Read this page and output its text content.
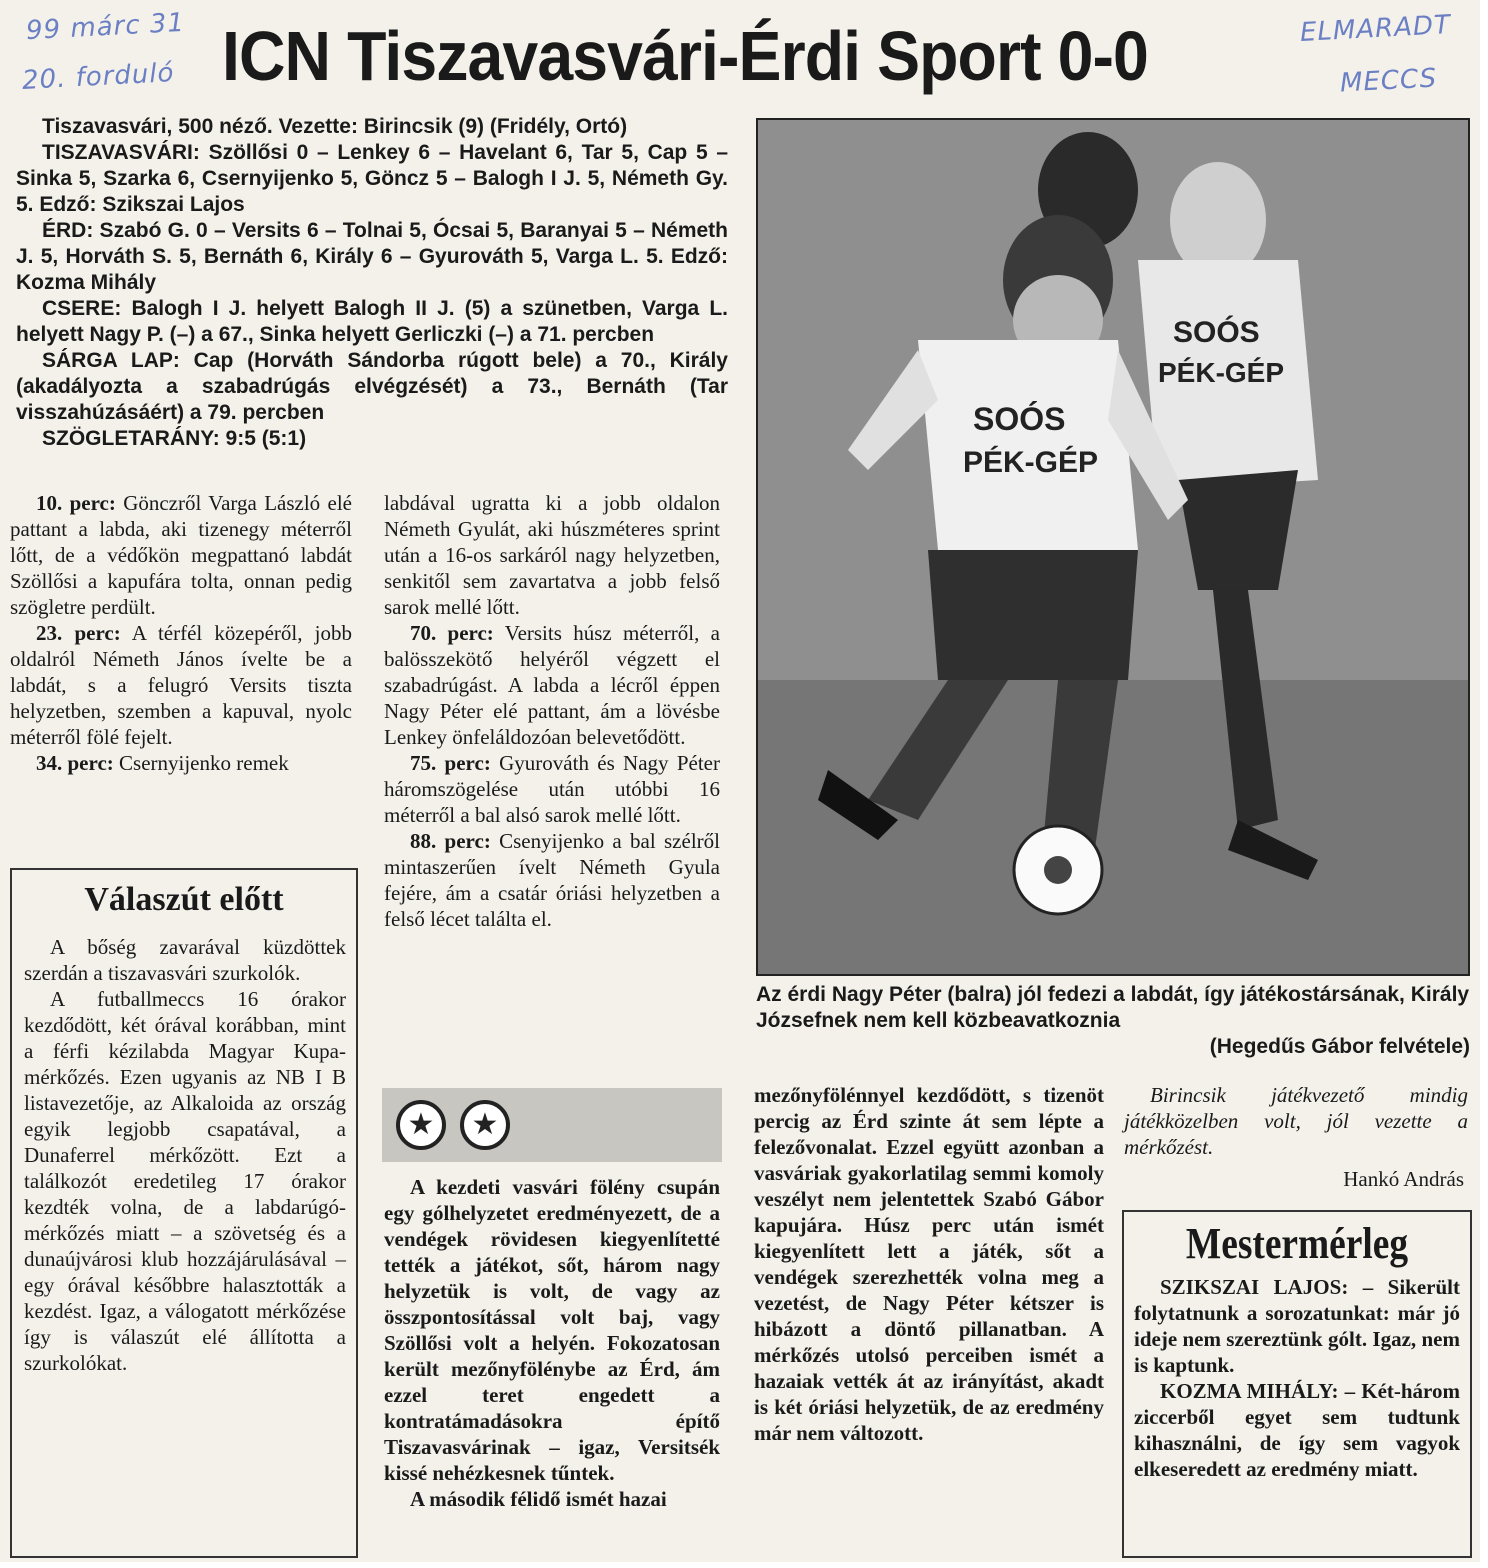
99 márc 31
20. forduló
ELMARADT
MECCS
ICN Tiszavasvári-Érdi Sport 0-0

Tiszavasvári, 500 néző. Vezette: Birincsik (9) (Fridély, Ortó)

TISZAVASVÁRI: Szöllősi 0 – Lenkey 6 – Havelant 6, Tar 5, Cap 5 – Sinka 5, Szarka 6, Csernyijenko 5, Göncz 5 – Balogh I J. 5, Németh Gy. 5. Edző: Szikszai Lajos

ÉRD: Szabó G. 0 – Versits 6 – Tolnai 5, Ócsai 5, Baranyai 5 – Németh J. 5, Horváth S. 5, Bernáth 6, Király 6 – Gyurováth 5, Varga L. 5. Edző: Kozma Mihály

CSERE: Balogh I J. helyett Balogh II J. (5) a szünetben, Varga L. helyett Nagy P. (–) a 67., Sinka helyett Gerliczki (–) a 71. percben

SÁRGA LAP: Cap (Horváth Sándorba rúgott bele) a 70., Király (akadályozta a szabadrúgás elvégzését) a 73., Bernáth (Tar visszahúzásáért) a 79. percben

SZÖGLETARÁNY: 9:5 (5:1)

10. perc: Gönczről Varga László elé pattant a labda, aki tizenegy méterről lőtt, de a védőkön megpattanó labdát Szöllősi a kapufára tolta, onnan pedig szögletre perdült.

23. perc: A térfél közepéről, jobb oldalról Németh János ívelte be a labdát, s a felugró Versits tiszta helyzetben, szemben a kapuval, nyolc méterről fölé fejelt.

34. perc: Csernyijenko remek

labdával ugratta ki a jobb oldalon Németh Gyulát, aki húszméteres sprint után a 16-os sarkáról nagy helyzetben, senkitől sem zavartatva a jobb felső sarok mellé lőtt.

70. perc: Versits húsz méterről, a balösszekötő helyéről végzett el szabadrúgást. A labda a lécről éppen Nagy Péter elé pattant, ám a lövésbe Lenkey önfeláldozóan belevetődött.

75. perc: Gyurováth és Nagy Péter háromszögelése után utóbbi 16 méterről a bal alsó sarok mellé lőtt.

88. perc: Csenyijenko a bal szélről mintaszerűen ívelt Németh Gyula fejére, ám a csatár óriási helyzetben a felső lécet találta el.

SOÓS
PÉK-GÉP
SOÓS
PÉK-GÉP
Az érdi Nagy Péter (balra) jól fedezi a labdát, így játékostársának, Király Józsefnek nem kell közbeavatkoznia
(Hegedűs Gábor felvétele)
Válaszút előtt

A bőség zavarával küzdöttek szerdán a tiszavasvári szurkolók.

A futballmeccs 16 órakor kezdődött, két órával korábban, mint a férfi kézilabda Magyar Kupa-mérkőzés. Ezen ugyanis az NB I B listavezetője, az Alkaloida az ország egyik legjobb csapatával, a Dunaferrel mérkőzött. Ezt a találkozót eredetileg 17 órakor kezdték volna, de a labdarúgó-mérkőzés miatt – a szövetség és a dunaújvárosi klub hozzájárulásával – egy órával későbbre halasztották a kezdést. Igaz, a válogatott mérkőzése így is válaszút elé állította a szurkolókat.

★	★

A kezdeti vasvári fölény csupán egy gólhelyzetet eredményezett, de a vendégek rövidesen kiegyenlítetté tették a játékot, sőt, három nagy helyzetük is volt, de vagy az összpontosítással volt baj, vagy Szöllősi volt a helyén. Fokozatosan került mezőnyfölénybe az Érd, ám ezzel teret engedett a kontratámadásokra építő Tiszavasvárinak – igaz, Versitsék kissé nehézkesnek tűntek.

A második félidő ismét hazai

mezőnyfölénnyel kezdődött, s tizenöt percig az Érd szinte át sem lépte a felezővonalat. Ezzel együtt azonban a vasváriak gyakorlatilag semmi komoly veszélyt nem jelentettek Szabó Gábor kapujára. Húsz perc után ismét kiegyenlített lett a játék, sőt a vendégek szerezhették volna meg a vezetést, de Nagy Péter kétszer is hibázott a döntő pillanatban. A mérkőzés utolsó perceiben ismét a hazaiak vették át az irányítást, akadt is két óriási helyzetük, de az eredmény már nem változott.

Birincsik játékvezető mindig játékközelben volt, jól vezette a mérkőzést.

Hankó András
Mestermérleg

SZIKSZAI LAJOS: – Sikerült folytatnunk a sorozatunkat: már jó ideje nem szereztünk gólt. Igaz, nem is kaptunk.

KOZMA MIHÁLY: – Két-három ziccerből egyet sem tudtunk kihasználni, de így sem vagyok elkeseredett az eredmény miatt.
